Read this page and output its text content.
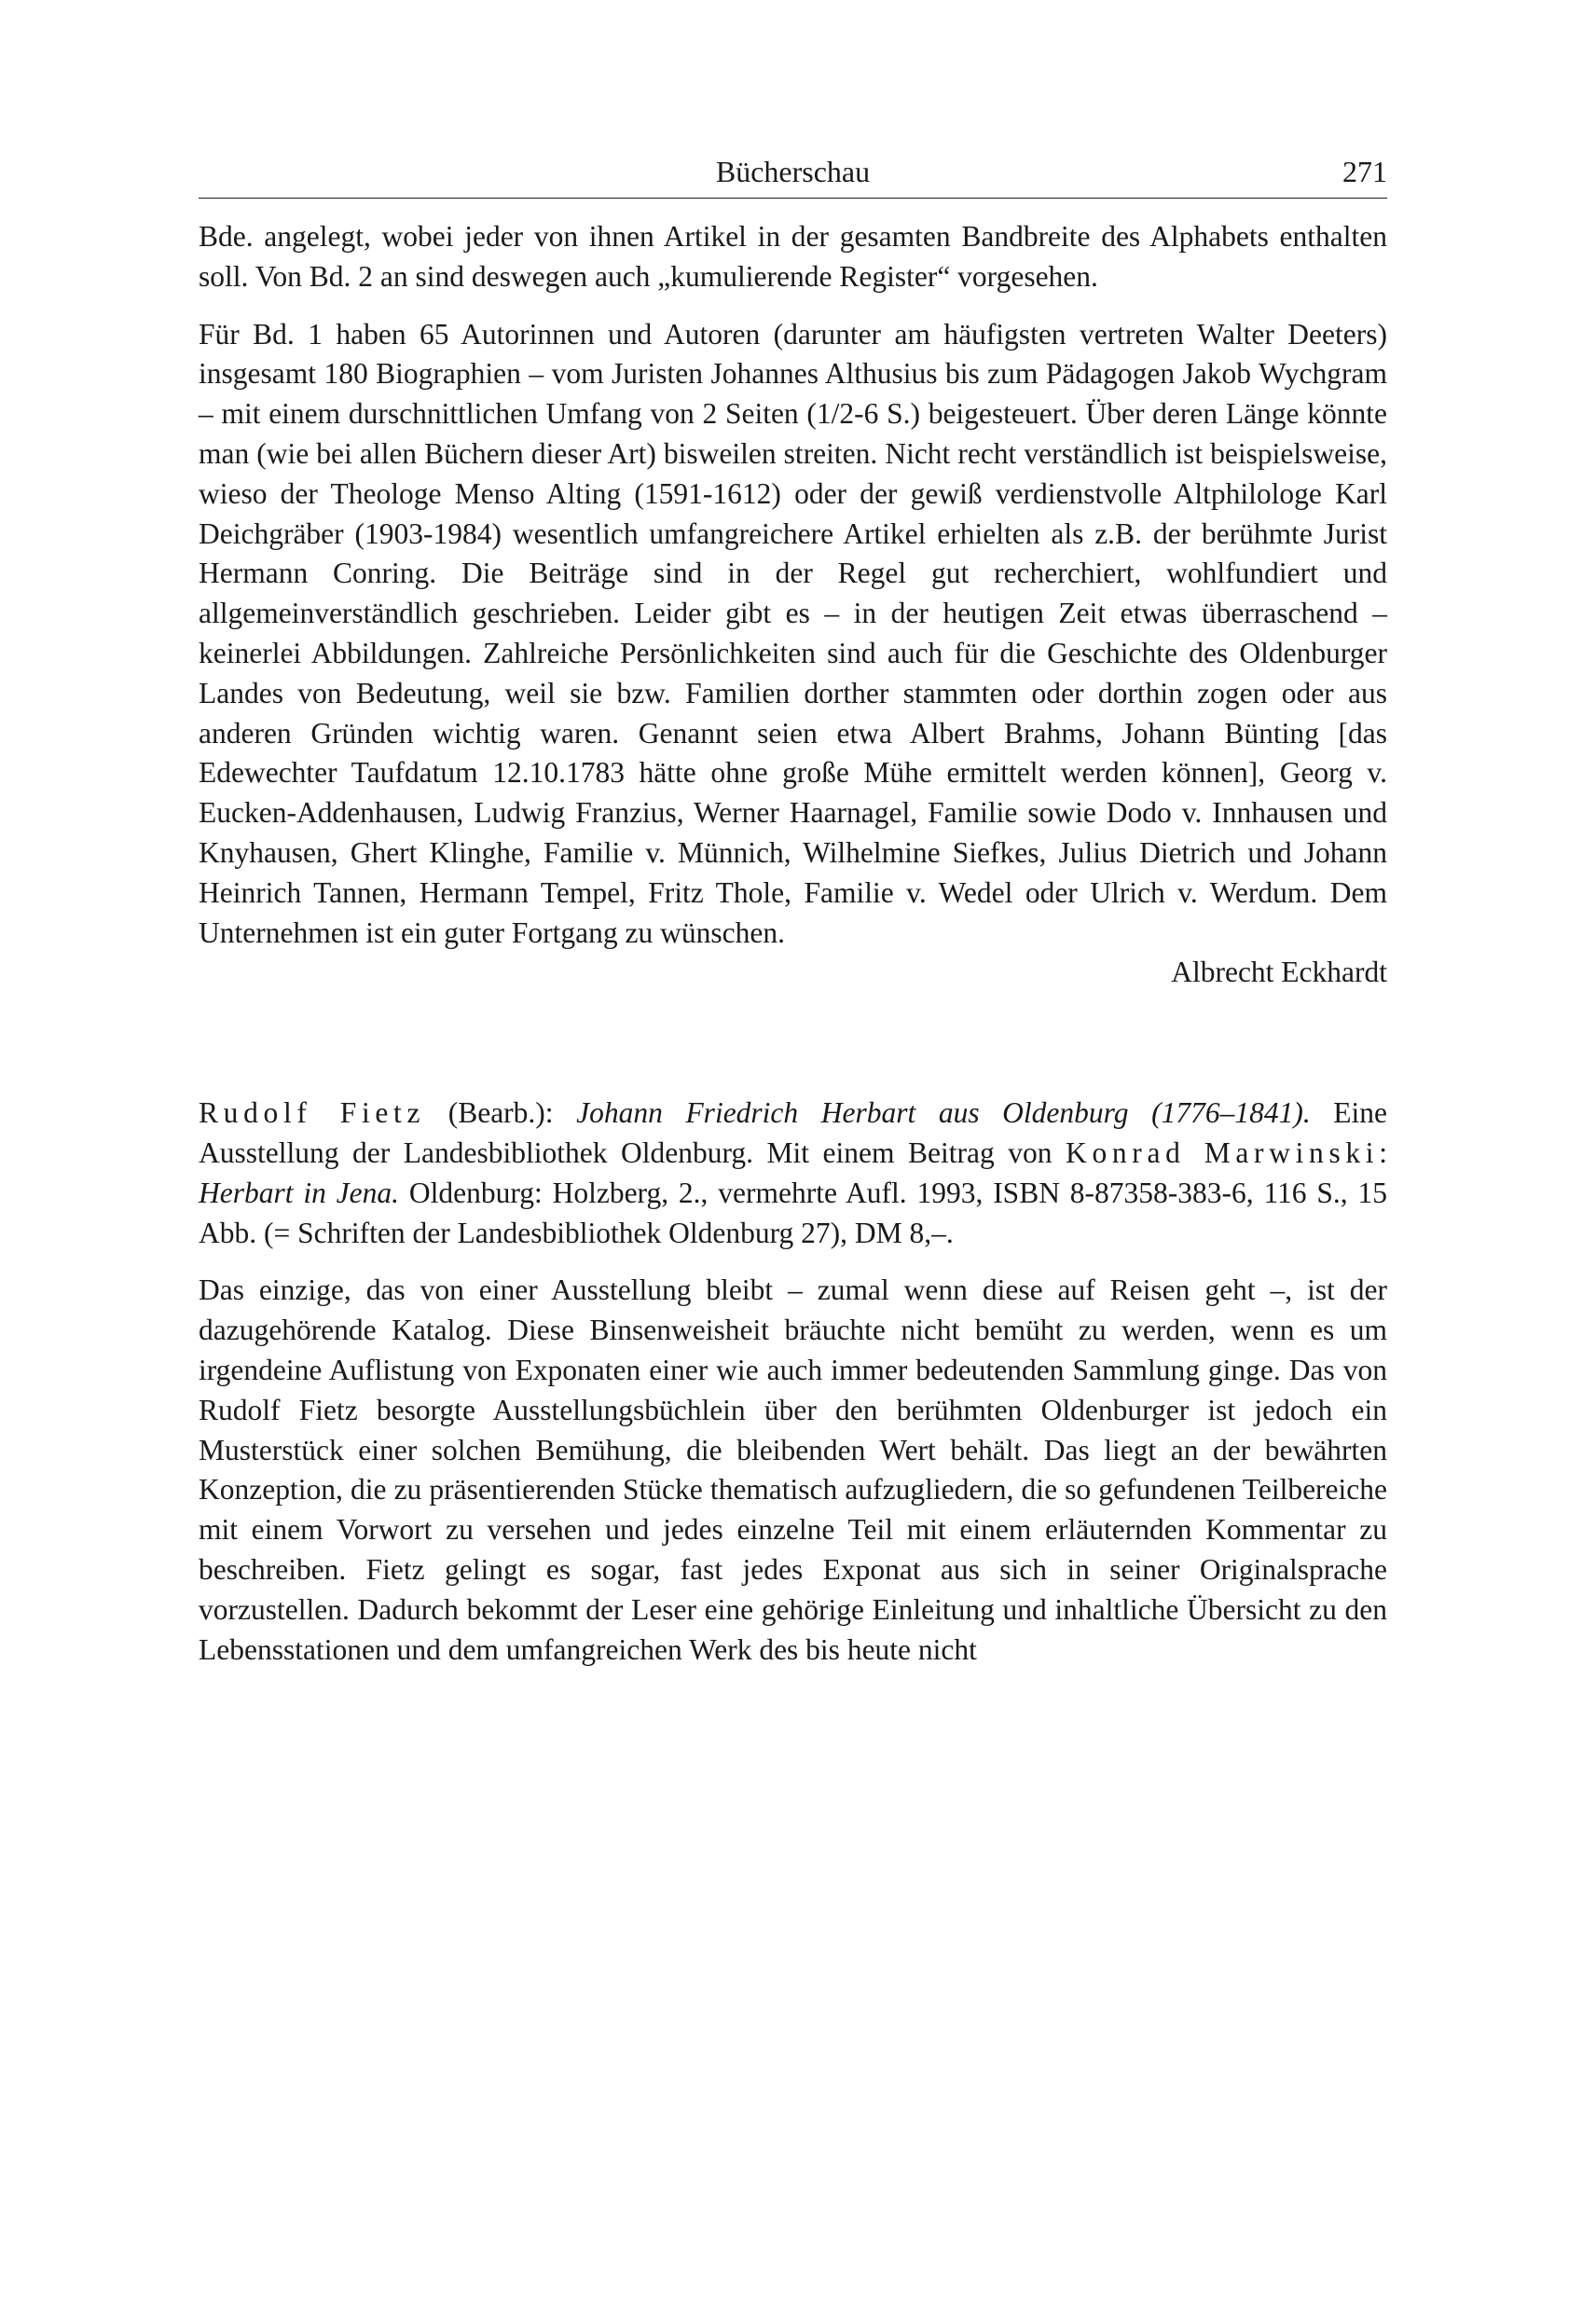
Bücherschau	271

Bde. angelegt, wobei jeder von ihnen Artikel in der gesamten Bandbreite des Alphabets enthalten soll. Von Bd. 2 an sind deswegen auch „kumulierende Register“ vorgesehen.

Für Bd. 1 haben 65 Autorinnen und Autoren (darunter am häufigsten vertreten Walter Deeters) insgesamt 180 Biographien – vom Juristen Johannes Althusius bis zum Pädagogen Jakob Wychgram – mit einem durschnittlichen Umfang von 2 Seiten (1/2-6 S.) beigesteuert. Über deren Länge könnte man (wie bei allen Büchern dieser Art) bisweilen streiten. Nicht recht verständlich ist beispielsweise, wieso der Theologe Menso Alting (1591-1612) oder der gewiß verdienstvolle Altphilologe Karl Deichgräber (1903-1984) wesentlich umfangreichere Artikel erhielten als z.B. der berühmte Jurist Hermann Conring. Die Beiträge sind in der Regel gut recherchiert, wohlfundiert und allgemeinverständlich geschrieben. Leider gibt es – in der heutigen Zeit etwas überraschend – keinerlei Abbildungen. Zahlreiche Persönlichkeiten sind auch für die Geschichte des Oldenburger Landes von Bedeutung, weil sie bzw. Familien dorther stammten oder dorthin zogen oder aus anderen Gründen wichtig waren. Genannt seien etwa Albert Brahms, Johann Bünting [das Edewechter Taufdatum 12.10.1783 hätte ohne große Mühe ermittelt werden können], Georg v. Eucken-Addenhausen, Ludwig Franzius, Werner Haarnagel, Familie sowie Dodo v. Innhausen und Knyhausen, Ghert Klinghe, Familie v. Münnich, Wilhelmine Siefkes, Julius Dietrich und Johann Heinrich Tannen, Hermann Tempel, Fritz Thole, Familie v. Wedel oder Ulrich v. Werdum. Dem Unternehmen ist ein guter Fortgang zu wünschen.

Albrecht Eckhardt

Rudolf Fietz (Bearb.): Johann Friedrich Herbart aus Oldenburg (1776–1841). Eine Ausstellung der Landesbibliothek Oldenburg. Mit einem Beitrag von Konrad Marwinski: Herbart in Jena. Oldenburg: Holzberg, 2., vermehrte Aufl. 1993, ISBN 8-87358-383-6, 116 S., 15 Abb. (= Schriften der Landesbibliothek Oldenburg 27), DM 8,–.

Das einzige, das von einer Ausstellung bleibt – zumal wenn diese auf Reisen geht –, ist der dazugehörende Katalog. Diese Binsenweisheit bräuchte nicht bemüht zu werden, wenn es um irgendeine Auflistung von Exponaten einer wie auch immer bedeutenden Sammlung ginge. Das von Rudolf Fietz besorgte Ausstellungsbüchlein über den berühmten Oldenburger ist jedoch ein Musterstück einer solchen Bemühung, die bleibenden Wert behält. Das liegt an der bewährten Konzeption, die zu präsentierenden Stücke thematisch aufzugliedern, die so gefundenen Teilbereiche mit einem Vorwort zu versehen und jedes einzelne Teil mit einem erläuternden Kommentar zu beschreiben. Fietz gelingt es sogar, fast jedes Exponat aus sich in seiner Originalsprache vorzustellen. Dadurch bekommt der Leser eine gehörige Einleitung und inhaltliche Übersicht zu den Lebensstationen und dem umfangreichen Werk des bis heute nicht
